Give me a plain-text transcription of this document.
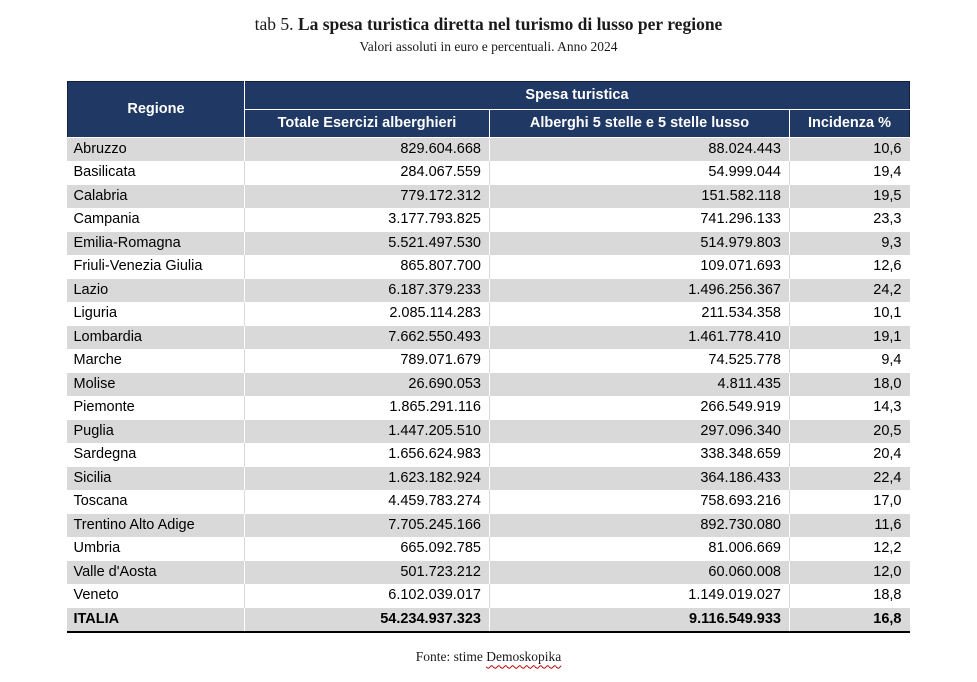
tab 5. La spesa turistica diretta nel turismo di lusso per regione
Valori assoluti in euro e percentuali. Anno 2024
Regione	Spesa turistica		
	Totale Esercizi alberghieri	Alberghi 5 stelle e 5 stelle lusso	Incidenza %
Abruzzo	829.604.668	88.024.443	10,6
Basilicata	284.067.559	54.999.044	19,4
Calabria	779.172.312	151.582.118	19,5
Campania	3.177.793.825	741.296.133	23,3
Emilia-Romagna	5.521.497.530	514.979.803	9,3
Friuli-Venezia Giulia	865.807.700	109.071.693	12,6
Lazio	6.187.379.233	1.496.256.367	24,2
Liguria	2.085.114.283	211.534.358	10,1
Lombardia	7.662.550.493	1.461.778.410	19,1
Marche	789.071.679	74.525.778	9,4
Molise	26.690.053	4.811.435	18,0
Piemonte	1.865.291.116	266.549.919	14,3
Puglia	1.447.205.510	297.096.340	20,5
Sardegna	1.656.624.983	338.348.659	20,4
Sicilia	1.623.182.924	364.186.433	22,4
Toscana	4.459.783.274	758.693.216	17,0
Trentino Alto Adige	7.705.245.166	892.730.080	11,6
Umbria	665.092.785	81.006.669	12,2
Valle d'Aosta	501.723.212	60.060.008	12,0
Veneto	6.102.039.017	1.149.019.027	18,8
ITALIA	54.234.937.323	9.116.549.933	16,8
Fonte: stime Demoskopika
